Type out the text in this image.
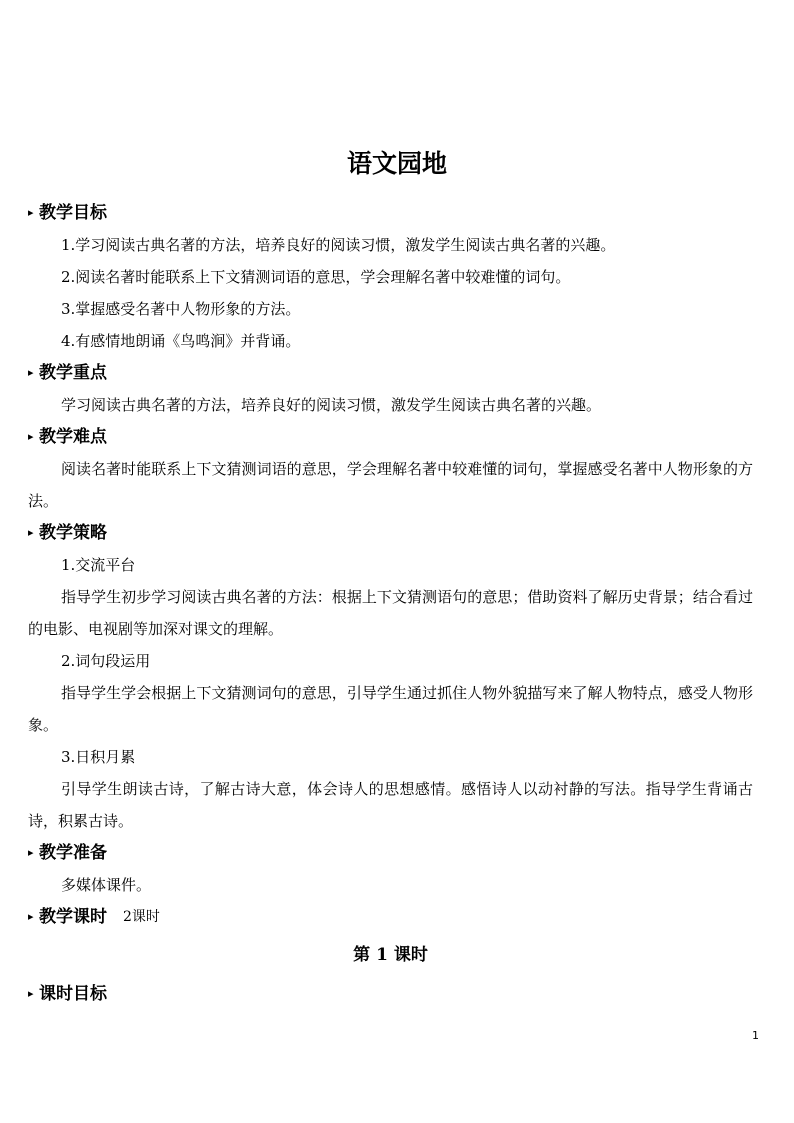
语文园地
▸ 教学目标
1.学习阅读古典名著的方法，培养良好的阅读习惯，激发学生阅读古典名著的兴趣。
2.阅读名著时能联系上下文猜测词语的意思，学会理解名著中较难懂的词句。
3.掌握感受名著中人物形象的方法。
4.有感情地朗诵《鸟鸣涧》并背诵。
▸ 教学重点

学习阅读古典名著的方法，培养良好的阅读习惯，激发学生阅读古典名著的兴趣。

▸ 教学难点

阅读名著时能联系上下文猜测词语的意思，学会理解名著中较难懂的词句，掌握感受名著中人物形象的方法。

▸ 教学策略
1.交流平台

指导学生初步学习阅读古典名著的方法：根据上下文猜测语句的意思；借助资料了解历史背景；结合看过的电影、电视剧等加深对课文的理解。

2.词句段运用

指导学生学会根据上下文猜测词句的意思，引导学生通过抓住人物外貌描写来了解人物特点，感受人物形象。

3.日积月累

引导学生朗读古诗，了解古诗大意，体会诗人的思想感情。感悟诗人以动衬静的写法。指导学生背诵古诗，积累古诗。

▸ 教学准备
多媒体课件。
▸ 教学课时 2课时
第 1 课时
▸ 课时目标
1
